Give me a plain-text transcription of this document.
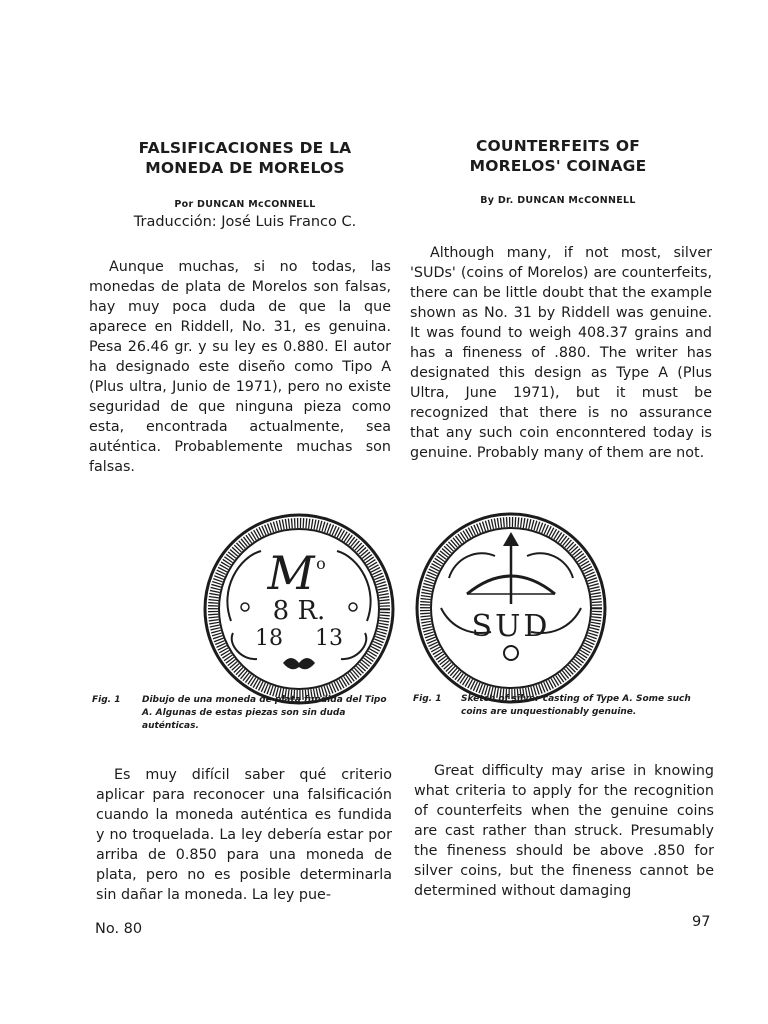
FALSIFICACIONES DE LA

MONEDA DE MORELOS

Por DUNCAN McCONNELL

Traducción: José Luis Franco C.

COUNTERFEITS OF

MORELOS' COINAGE

By Dr. DUNCAN McCONNELL

Aunque muchas, si no todas, las monedas de plata de Morelos son falsas, hay muy poca duda de que la que aparece en Riddell, No. 31, es genuina. Pesa 26.46 gr. y su ley es 0.880. El autor ha designado este diseño como Tipo A (Plus ultra, Junio de 1971), pero no existe seguridad de que ninguna pieza como esta, encontrada actualmente, sea auténtica. Probablemente muchas son falsas.

Although many, if not most, silver 'SUDs' (coins of Morelos) are counterfeits, there can be little doubt that the example shown as No. 31 by Riddell was genuine. It was found to weigh 408.37 grains and has a fineness of .880. The writer has designated this design as Type A (Plus Ultra, June 1971), but it must be recognized that there is no assurance that any such coin enconntered today is genuine. Probably many of them are not.

M o
8 R.
18 13	SUD
Fig. 1 Dibujo de una moneda de plata fundida del Tipo A. Algunas de estas piezas son sin duda auténticas.
Fig. 1 Sketch of silver casting of Type A. Some such coins are unquestionably genuine.

Es muy difícil saber qué criterio aplicar para reconocer una falsificación cuando la moneda auténtica es fundida y no troquelada. La ley debería estar por arriba de 0.850 para una moneda de plata, pero no es posible determinarla sin dañar la moneda. La ley pue-

Great difficulty may arise in knowing what criteria to apply for the recognition of counterfeits when the genuine coins are cast rather than struck. Presumably the fineness should be above .850 for silver coins, but the fineness cannot be determined without damaging

No. 80	97
